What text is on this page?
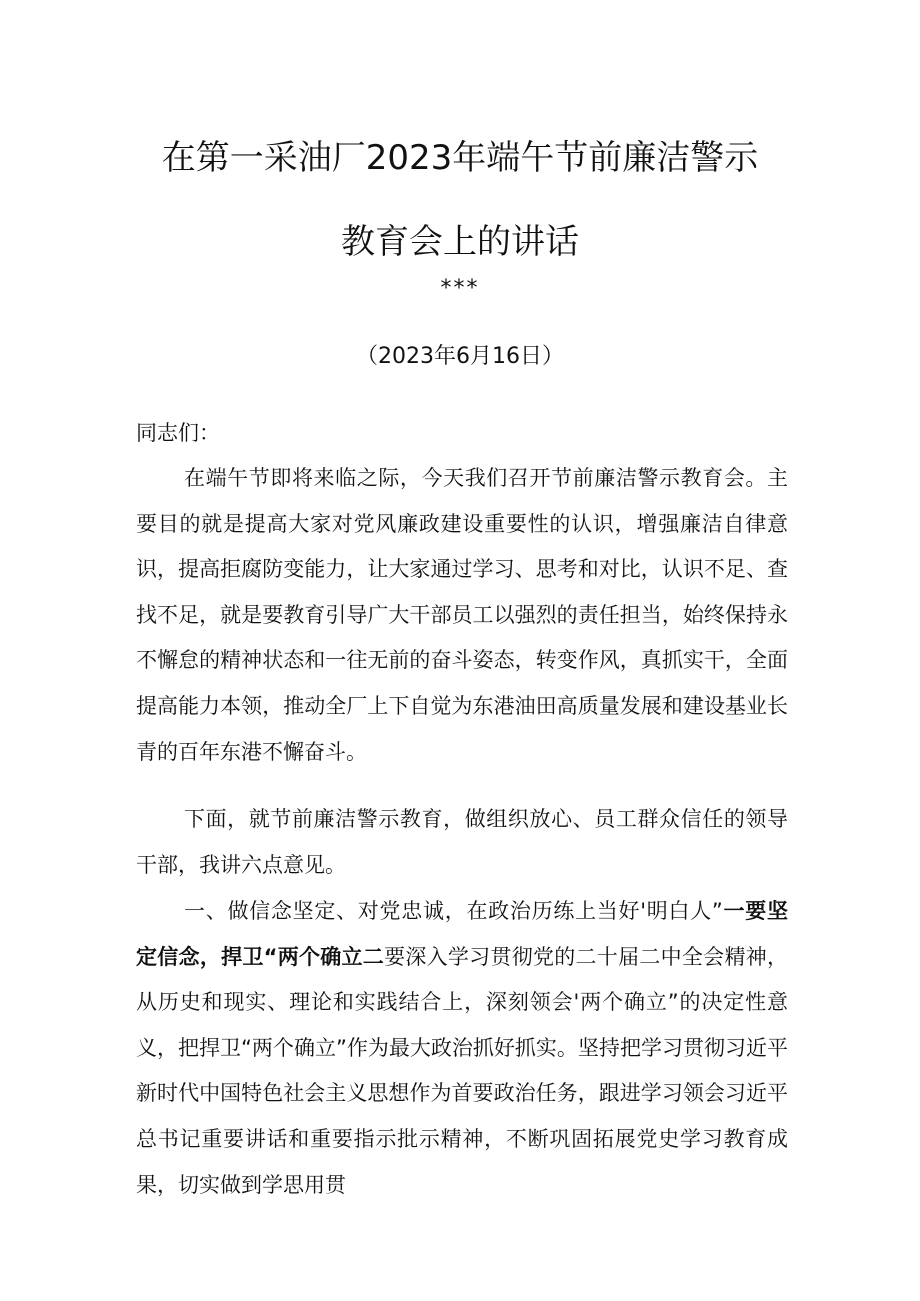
在第一采油厂2023年端午节前廉洁警示
教育会上的讲话
***
（2023年6月16日）
同志们：

在端午节即将来临之际，今天我们召开节前廉洁警示教育会。主要目的就是提高大家对党风廉政建设重要性的认识，增强廉洁自律意识，提高拒腐防变能力，让大家通过学习、思考和对比，认识不足、查找不足，就是要教育引导广大干部员工以强烈的责任担当，始终保持永不懈怠的精神状态和一往无前的奋斗姿态，转变作风，真抓实干，全面提高能力本领，推动全厂上下自觉为东港油田高质量发展和建设基业长青的百年东港不懈奋斗。

下面，就节前廉洁警示教育，做组织放心、员工群众信任的领导干部，我讲六点意见。

一、做信念坚定、对党忠诚，在政治历练上当好'明白人”一要坚定信念，捍卫“两个确立二要深入学习贯彻党的二十届二中全会精神，从历史和现实、理论和实践结合上，深刻领会'两个确立”的决定性意义，把捍卫“两个确立”作为最大政治抓好抓实。坚持把学习贯彻习近平新时代中国特色社会主义思想作为首要政治任务，跟进学习领会习近平总书记重要讲话和重要指示批示精神，不断巩固拓展党史学习教育成果，切实做到学思用贯
